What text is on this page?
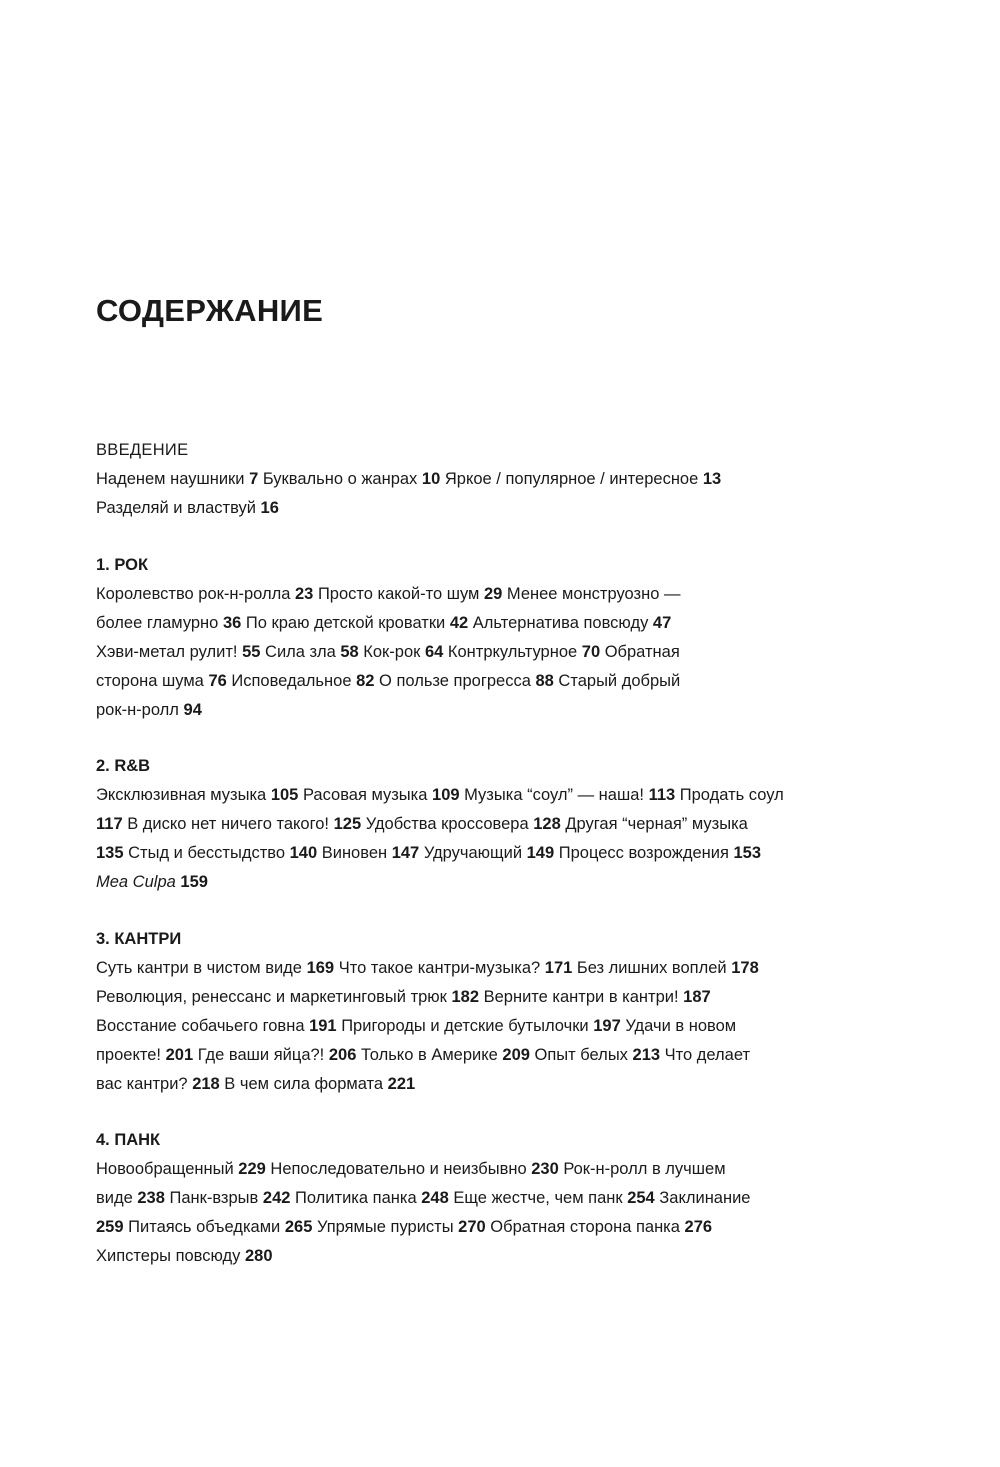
СОДЕРЖАНИЕ
ВВЕДЕНИЕ
Наденем наушники 7 Буквально о жанрах 10 Яркое / популярное / интересное 13
Разделяй и властвуй 16
1. РОК
Королевство рок-н-ролла 23 Просто какой-то шум 29 Менее монструозно —
более гламурно 36 По краю детской кроватки 42 Альтернатива повсюду 47
Хэви-метал рулит! 55 Сила зла 58 Кок-рок 64 Контркультурное 70 Обратная
сторона шума 76 Исповедальное 82 О пользе прогресса 88 Старый добрый
рок-н-ролл 94
2. R&B
Эксклюзивная музыка 105 Расовая музыка 109 Музыка “соул” — наша! 113 Продать соул
117 В диско нет ничего такого! 125 Удобства кроссовера 128 Другая “черная” музыка
135 Стыд и бесстыдство 140 Виновен 147 Удручающий 149 Процесс возрождения 153
Mea Culpa 159
3. КАНТРИ
Суть кантри в чистом виде 169 Что такое кантри-музыка? 171 Без лишних воплей 178
Революция, ренессанс и маркетинговый трюк 182 Верните кантри в кантри! 187
Восстание собачьего говна 191 Пригороды и детские бутылочки 197 Удачи в новом
проекте! 201 Где ваши яйца?! 206 Только в Америке 209 Опыт белых 213 Что делает
вас кантри? 218 В чем сила формата 221
4. ПАНК
Новообращенный 229 Непоследовательно и неизбывно 230 Рок-н-ролл в лучшем
виде 238 Панк-взрыв 242 Политика панка 248 Еще жестче, чем панк 254 Заклинание
259 Питаясь объедками 265 Упрямые пуристы 270 Обратная сторона панка 276
Хипстеры повсюду 280
